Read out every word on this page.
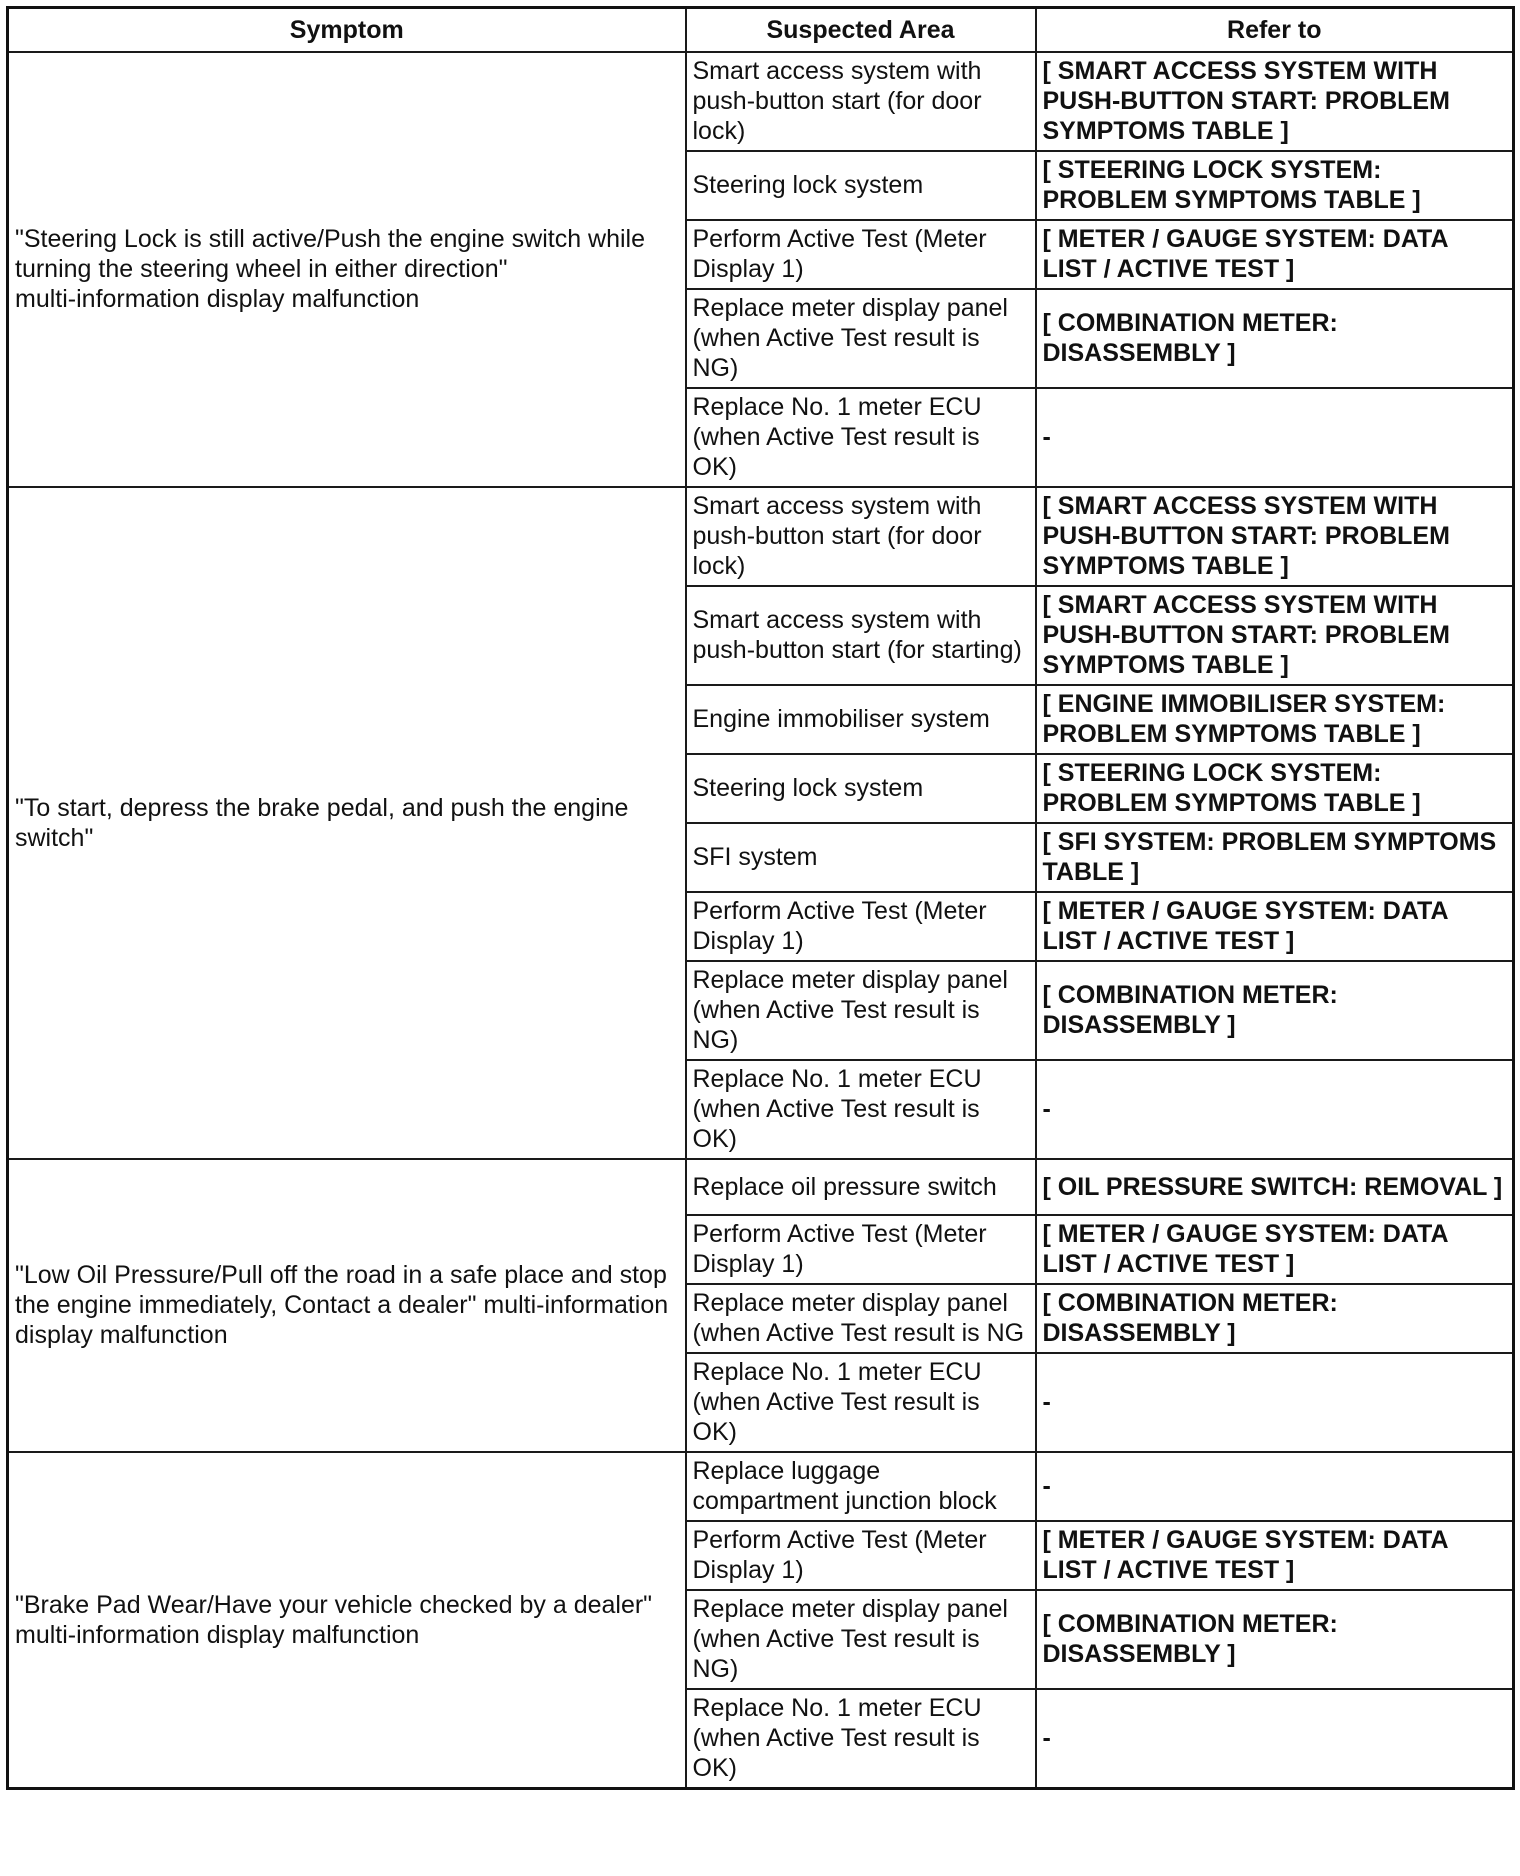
Symptom	Suspected Area	Refer to
"Steering Lock is still active/Push the engine switch while turning the steering wheel in either direction"
multi-information display malfunction	Smart access system with push-button start (for door lock)	[ SMART ACCESS SYSTEM WITH PUSH-BUTTON START: PROBLEM SYMPTOMS TABLE ]
	Steering lock system	[ STEERING LOCK SYSTEM: PROBLEM SYMPTOMS TABLE ]
	Perform Active Test (Meter Display 1)	[ METER / GAUGE SYSTEM: DATA LIST / ACTIVE TEST ]
	Replace meter display panel (when Active Test result is NG)	[ COMBINATION METER: DISASSEMBLY ]
	Replace No. 1 meter ECU (when Active Test result is OK)	-
"To start, depress the brake pedal, and push the engine switch"	Smart access system with push-button start (for door lock)	[ SMART ACCESS SYSTEM WITH PUSH-BUTTON START: PROBLEM SYMPTOMS TABLE ]
	Smart access system with push-button start (for starting)	[ SMART ACCESS SYSTEM WITH PUSH-BUTTON START: PROBLEM SYMPTOMS TABLE ]
	Engine immobiliser system	[ ENGINE IMMOBILISER SYSTEM: PROBLEM SYMPTOMS TABLE ]
	Steering lock system	[ STEERING LOCK SYSTEM: PROBLEM SYMPTOMS TABLE ]
	SFI system	[ SFI SYSTEM: PROBLEM SYMPTOMS TABLE ]
	Perform Active Test (Meter Display 1)	[ METER / GAUGE SYSTEM: DATA LIST / ACTIVE TEST ]
	Replace meter display panel (when Active Test result is NG)	[ COMBINATION METER: DISASSEMBLY ]
	Replace No. 1 meter ECU (when Active Test result is OK)	-
"Low Oil Pressure/Pull off the road in a safe place and stop the engine immediately, Contact a dealer" multi-information display malfunction	Replace oil pressure switch	[ OIL PRESSURE SWITCH: REMOVAL ]
	Perform Active Test (Meter Display 1)	[ METER / GAUGE SYSTEM: DATA LIST / ACTIVE TEST ]
	Replace meter display panel (when Active Test result is NG	[ COMBINATION METER: DISASSEMBLY ]
	Replace No. 1 meter ECU (when Active Test result is OK)	-
"Brake Pad Wear/Have your vehicle checked by a dealer" multi-information display malfunction	Replace luggage compartment junction block	-
	Perform Active Test (Meter Display 1)	[ METER / GAUGE SYSTEM: DATA LIST / ACTIVE TEST ]
	Replace meter display panel (when Active Test result is NG)	[ COMBINATION METER: DISASSEMBLY ]
	Replace No. 1 meter ECU (when Active Test result is OK)	-
